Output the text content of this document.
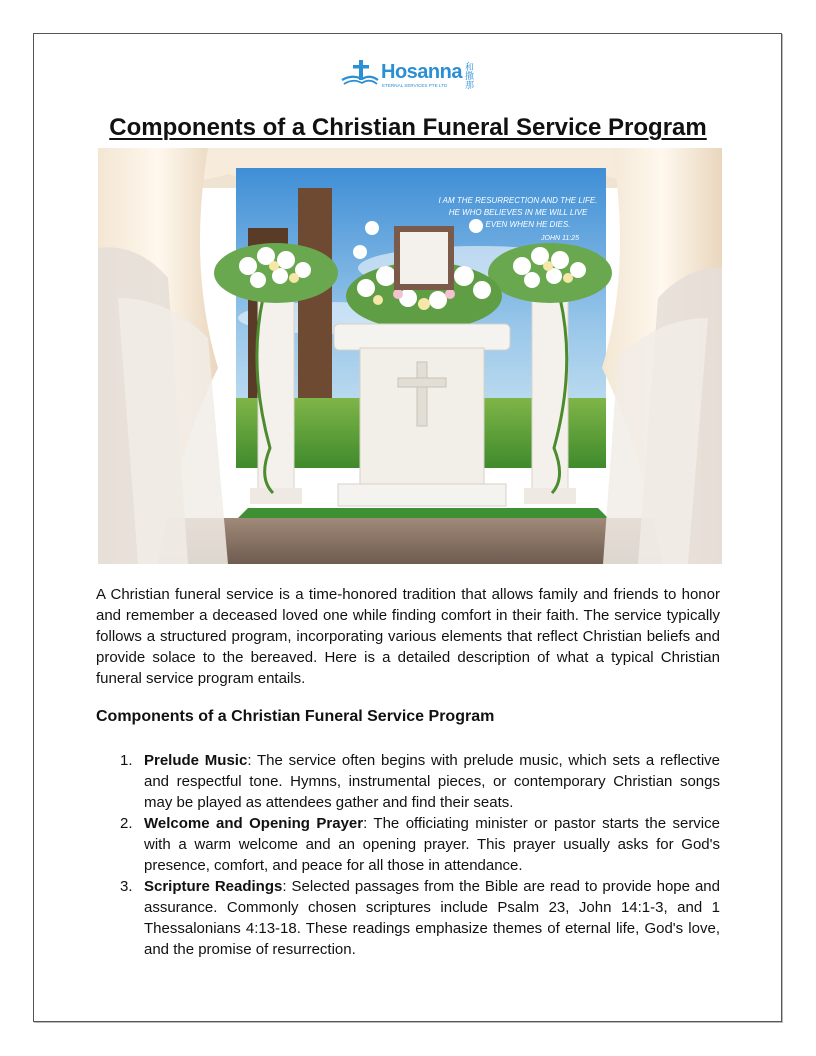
Hosanna
ETERNAL SERVICES PTE LTD
和
撒
那
Components of a Christian Funeral Service Program
I AM THE RESURRECTION AND THE LIFE.
HE WHO BELIEVES IN ME WILL LIVE
EVEN WHEN HE DIES.
JOHN 11:25

A Christian funeral service is a time-honored tradition that allows family and friends to honor and remember a deceased loved one while finding comfort in their faith. The service typically follows a structured program, incorporating various elements that reflect Christian beliefs and provide solace to the bereaved. Here is a detailed description of what a typical Christian funeral service program entails.

Components of a Christian Funeral Service Program
1. Prelude Music: The service often begins with prelude music, which sets a reflective and respectful tone. Hymns, instrumental pieces, or contemporary Christian songs may be played as attendees gather and find their seats.
2. Welcome and Opening Prayer: The officiating minister or pastor starts the service with a warm welcome and an opening prayer. This prayer usually asks for God's presence, comfort, and peace for all those in attendance.
3. Scripture Readings: Selected passages from the Bible are read to provide hope and assurance. Commonly chosen scriptures include Psalm 23, John 14:1-3, and 1 Thessalonians 4:13-18. These readings emphasize themes of eternal life, God's love, and the promise of resurrection.
